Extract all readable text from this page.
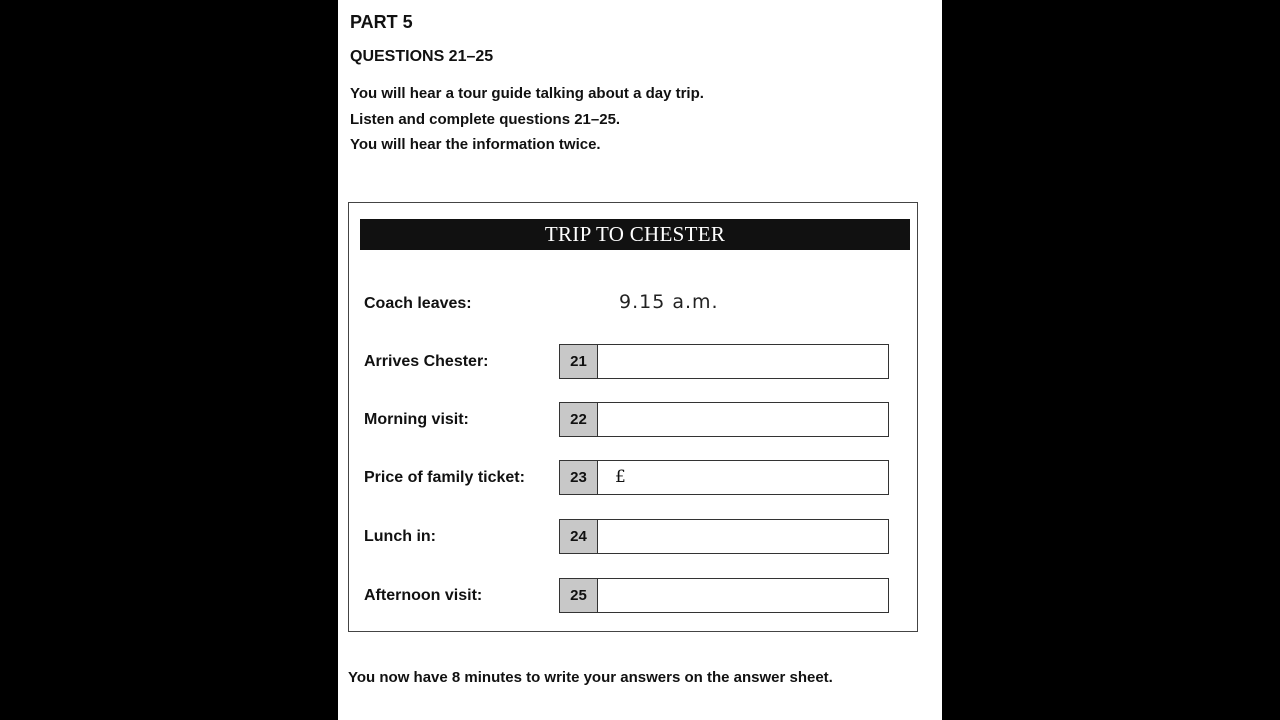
PART 5
QUESTIONS 21–25
You will hear a tour guide talking about a day trip.
Listen and complete questions 21–25.
You will hear the information twice.
TRIP TO CHESTER
Coach leaves:	9.15 a.m.
Arrives Chester:	21
Morning visit:	22
Price of family ticket:	23	£
Lunch in:	24
Afternoon visit:	25
You now have 8 minutes to write your answers on the answer sheet.
